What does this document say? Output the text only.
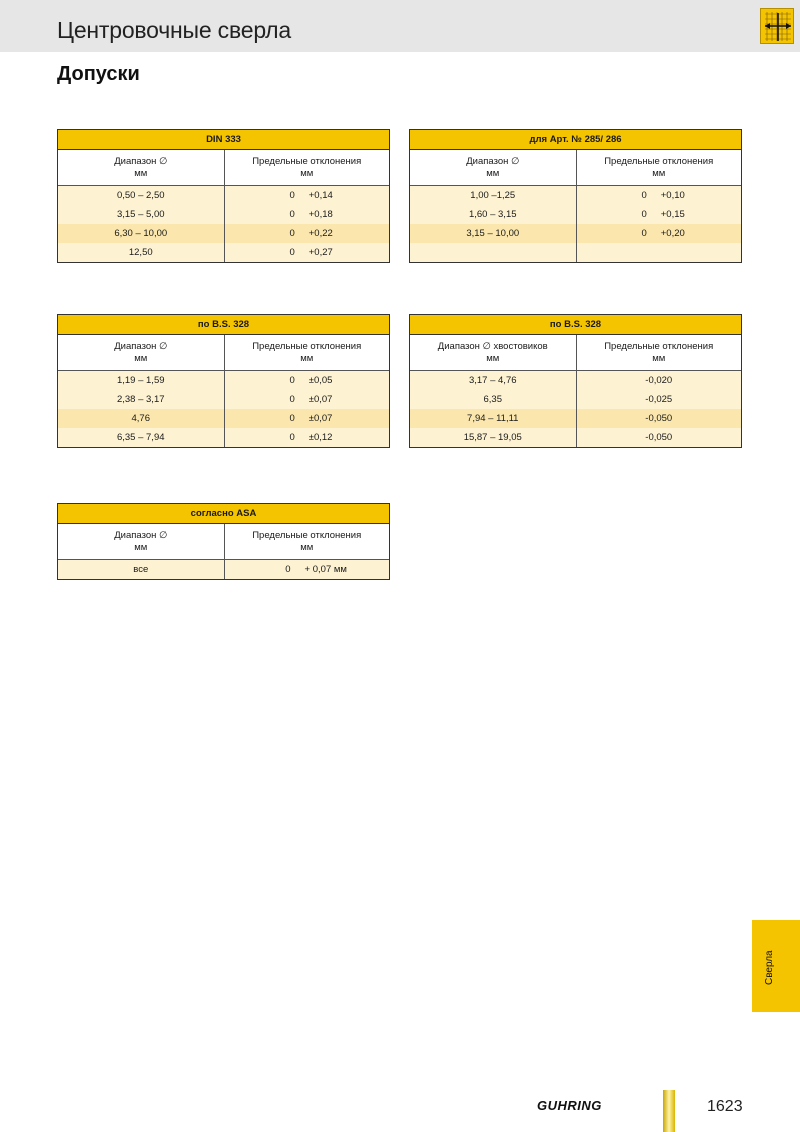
Центровочные сверла
Допуски
DIN 333
Диапазон ∅
мм
Предельные отклонения
мм
0,50 – 2,50	0 +0,14
3,15 – 5,00	0 +0,18
6,30 – 10,00	0 +0,22
12,50	0 +0,27
для Арт. № 285/ 286
Диапазон ∅
мм
Предельные отклонения
мм
1,00 –1,25	0 +0,10
1,60 – 3,15	0 +0,15
3,15 – 10,00	0 +0,20
по B.S. 328
Диапазон ∅
мм
Предельные отклонения
мм
1,19 – 1,59	0 ±0,05
2,38 – 3,17	0 ±0,07
4,76	0 ±0,07
6,35 – 7,94	0 ±0,12
по B.S. 328
Диапазон ∅ хвостовиков
мм
Предельные отклонения
мм
3,17 – 4,76	-0,020
6,35	-0,025
7,94 – 11,11	-0,050
15,87 – 19,05	-0,050
согласно ASA
Диапазон ∅
мм
Предельные отклонения
мм
все	0 + 0,07 мм
Сверла
GUHRING	1623
